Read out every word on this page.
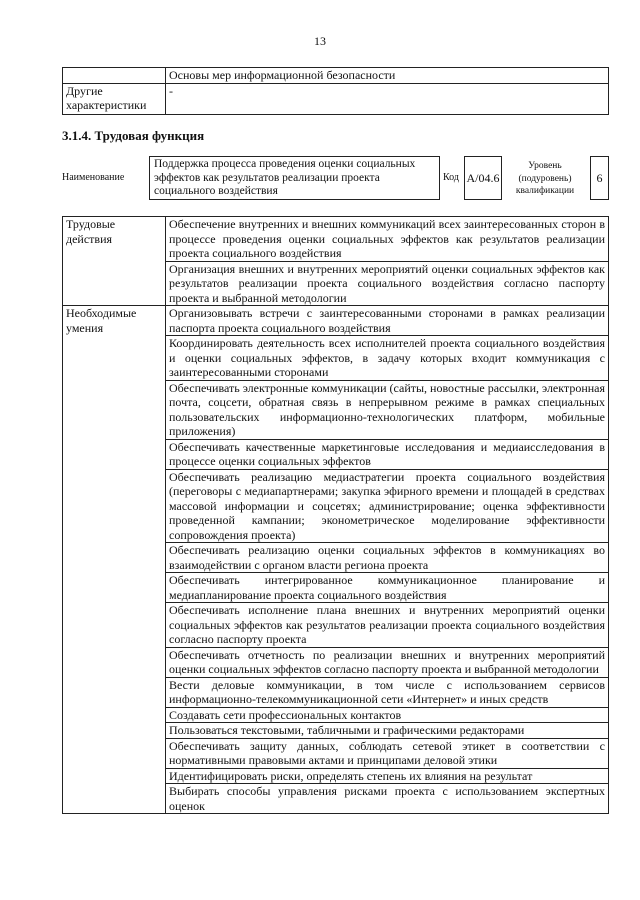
13
	Основы мер информационной безопасности
Другие характеристики	-
3.1.4. Трудовая функция
Наименование
Поддержка процесса проведения оценки социальных эффектов как результатов реализации проекта социального воздействия
Код А/04.6
Уровень
(подуровень)
квалификации
6
Трудовые действия	Обеспечение внутренних и внешних коммуникаций всех заинтересованных сторон в процессе проведения оценки социальных эффектов как результатов реализации проекта социального воздействия
	Организация внешних и внутренних мероприятий оценки социальных эффектов как результатов реализации проекта социального воздействия согласно паспорту проекта и выбранной методологии
Необходимые умения	Организовывать встречи с заинтересованными сторонами в рамках реализации паспорта проекта социального воздействия
	Координировать деятельность всех исполнителей проекта социального воздействия и оценки социальных эффектов, в задачу которых входит коммуникация с заинтересованными сторонами
	Обеспечивать электронные коммуникации (сайты, новостные рассылки, электронная почта, соцсети, обратная связь в непрерывном режиме в рамках специальных пользовательских информационно-технологических платформ, мобильные приложения)
	Обеспечивать качественные маркетинговые исследования и медиаисследования в процессе оценки социальных эффектов
	Обеспечивать реализацию медиастратегии проекта социального воздействия (переговоры с медиапартнерами; закупка эфирного времени и площадей в средствах массовой информации и соцсетях; администрирование; оценка эффективности проведенной кампании; эконометрическое моделирование эффективности сопровождения проекта)
	Обеспечивать реализацию оценки социальных эффектов в коммуникациях во взаимодействии с органом власти региона проекта
	Обеспечивать интегрированное коммуникационное планирование и медиапланирование проекта социального воздействия
	Обеспечивать исполнение плана внешних и внутренних мероприятий оценки социальных эффектов как результатов реализации проекта социального воздействия согласно паспорту проекта
	Обеспечивать отчетность по реализации внешних и внутренних мероприятий оценки социальных эффектов согласно паспорту проекта и выбранной методологии
	Вести деловые коммуникации, в том числе с использованием сервисов информационно-телекоммуникационной сети «Интернет» и иных средств
	Создавать сети профессиональных контактов
	Пользоваться текстовыми, табличными и графическими редакторами
	Обеспечивать защиту данных, соблюдать сетевой этикет в соответствии с нормативными правовыми актами и принципами деловой этики
	Идентифицировать риски, определять степень их влияния на результат
	Выбирать способы управления рисками проекта с использованием экспертных оценок
